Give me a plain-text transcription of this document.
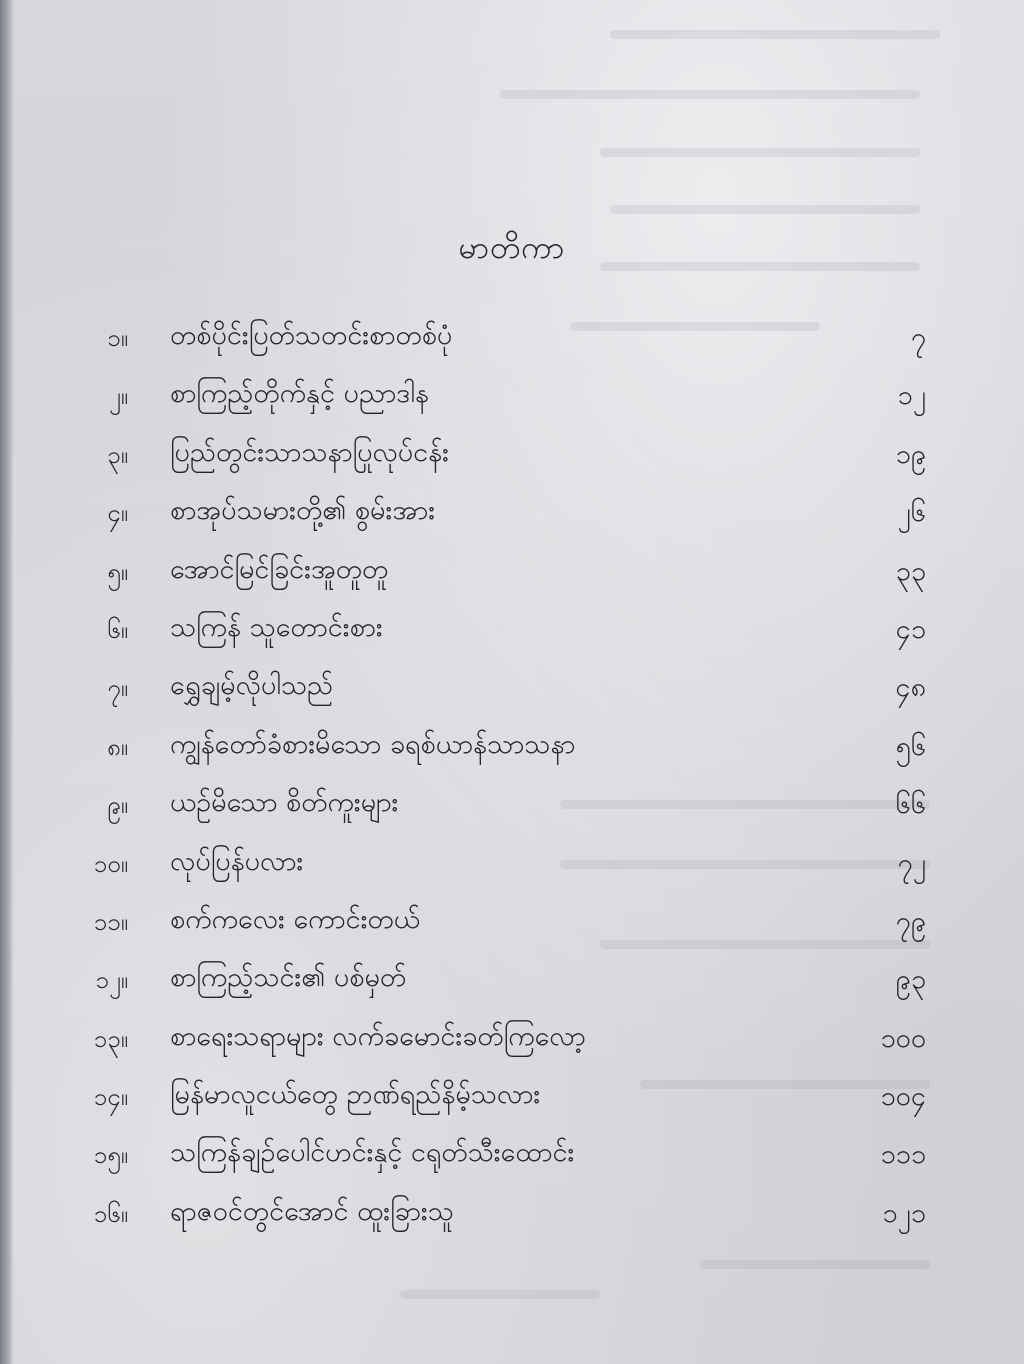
မာတိကာ
၁။ တစ်ပိုင်းပြတ်သတင်းစာတစ်ပုံ	၇
၂။ စာကြည့်တိုက်နှင့် ပညာဒါန	၁၂
၃။ ပြည်တွင်းသာသနာပြုလုပ်ငန်း	၁၉
၄။ စာအုပ်သမားတို့၏ စွမ်းအား	၂၆
၅။ အောင်မြင်ခြင်းအူတူတူ	၃၃
၆။ သကြန် သူတောင်းစား	၄၁
၇။ ရွှေချမ့်လိုပါသည်	၄၈
၈။ ကျွန်တော်ခံစားမိသော ခရစ်ယာန်သာသနာ	၅၆
၉။ ယဉ်မိသော စိတ်ကူးများ	၆၆
၁၀။ လုပ်ပြန်ပလား	၇၂
၁၁။ စက်ကလေး ကောင်းတယ်	၇၉
၁၂။ စာကြည့်သင်း၏ ပစ်မှတ်	၉၃
၁၃။ စာရေးသရာများ လက်ခမောင်းခတ်ကြလော့	၁၀၀
၁၄။ မြန်မာလူငယ်တွေ ဉာဏ်ရည်နိမ့်သလား	၁၀၄
၁၅။ သကြန်ချဉ်ပေါင်ဟင်းနှင့် ငရုတ်သီးထောင်း	၁၁၁
၁၆။ ရာဇဝင်တွင်အောင် ထူးခြားသူ	၁၂၁
